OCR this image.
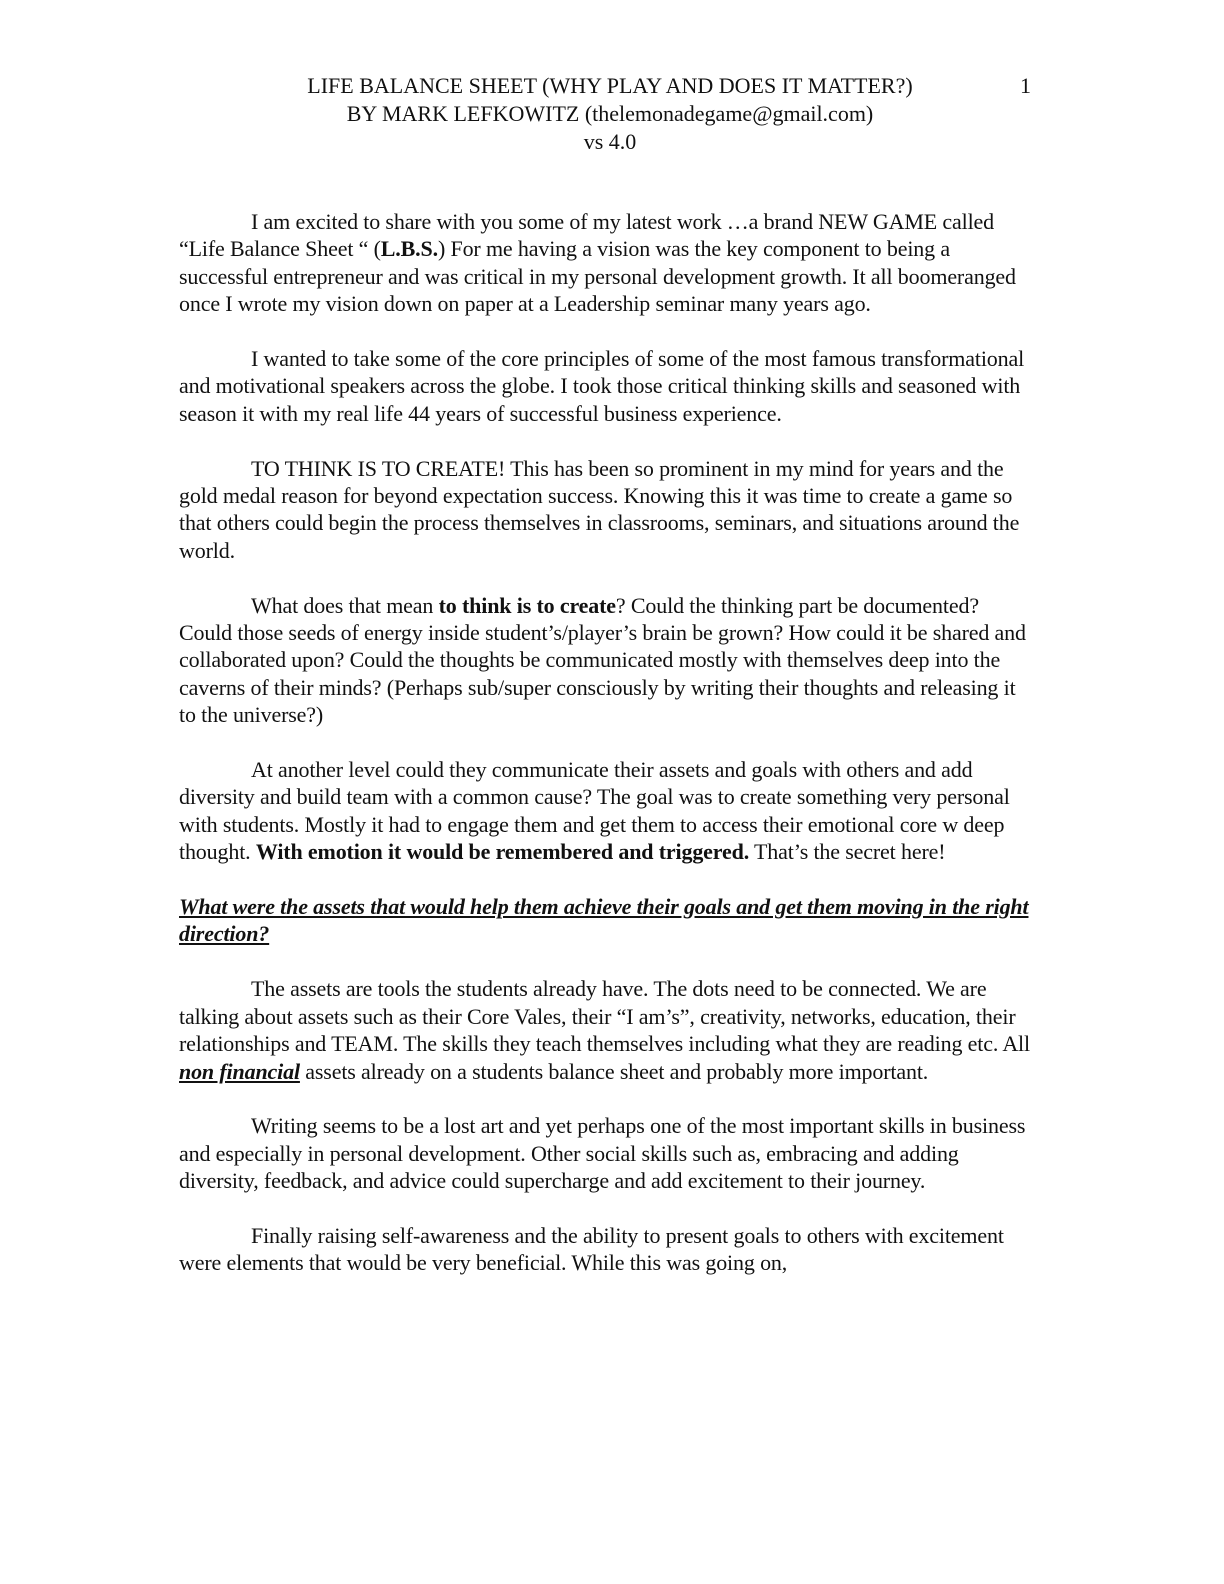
LIFE BALANCE SHEET (WHY PLAY AND DOES IT MATTER?)
BY MARK LEFKOWITZ (thelemonadegame@gmail.com)
vs 4.0
1

I am excited to share with you some of my latest work …a brand NEW GAME called “Life Balance Sheet “ (L.B.S.) For me having a vision was the key component to being a successful entrepreneur and was critical in my personal development growth. It all boomeranged once I wrote my vision down on paper at a Leadership seminar many years ago.

I wanted to take some of the core principles of some of the most famous transformational and motivational speakers across the globe. I took those critical thinking skills and seasoned with season it with my real life 44 years of successful business experience.

TO THINK IS TO CREATE! This has been so prominent in my mind for years and the gold medal reason for beyond expectation success. Knowing this it was time to create a game so that others could begin the process themselves in classrooms, seminars, and situations around the world.

What does that mean to think is to create? Could the thinking part be documented? Could those seeds of energy inside student’s/player’s brain be grown? How could it be shared and collaborated upon? Could the thoughts be communicated mostly with themselves deep into the caverns of their minds? (Perhaps sub/super consciously by writing their thoughts and releasing it to the universe?)

At another level could they communicate their assets and goals with others and add diversity and build team with a common cause? The goal was to create something very personal with students. Mostly it had to engage them and get them to access their emotional core w deep thought. With emotion it would be remembered and triggered. That’s the secret here!

What were the assets that would help them achieve their goals and get them moving in the right direction?

The assets are tools the students already have. The dots need to be connected. We are talking about assets such as their Core Vales, their “I am’s”, creativity, networks, education, their relationships and TEAM. The skills they teach themselves including what they are reading etc. All non financial assets already on a students balance sheet and probably more important.

Writing seems to be a lost art and yet perhaps one of the most important skills in business and especially in personal development. Other social skills such as, embracing and adding diversity, feedback, and advice could supercharge and add excitement to their journey.

Finally raising self-awareness and the ability to present goals to others with excitement were elements that would be very beneficial. While this was going on,
